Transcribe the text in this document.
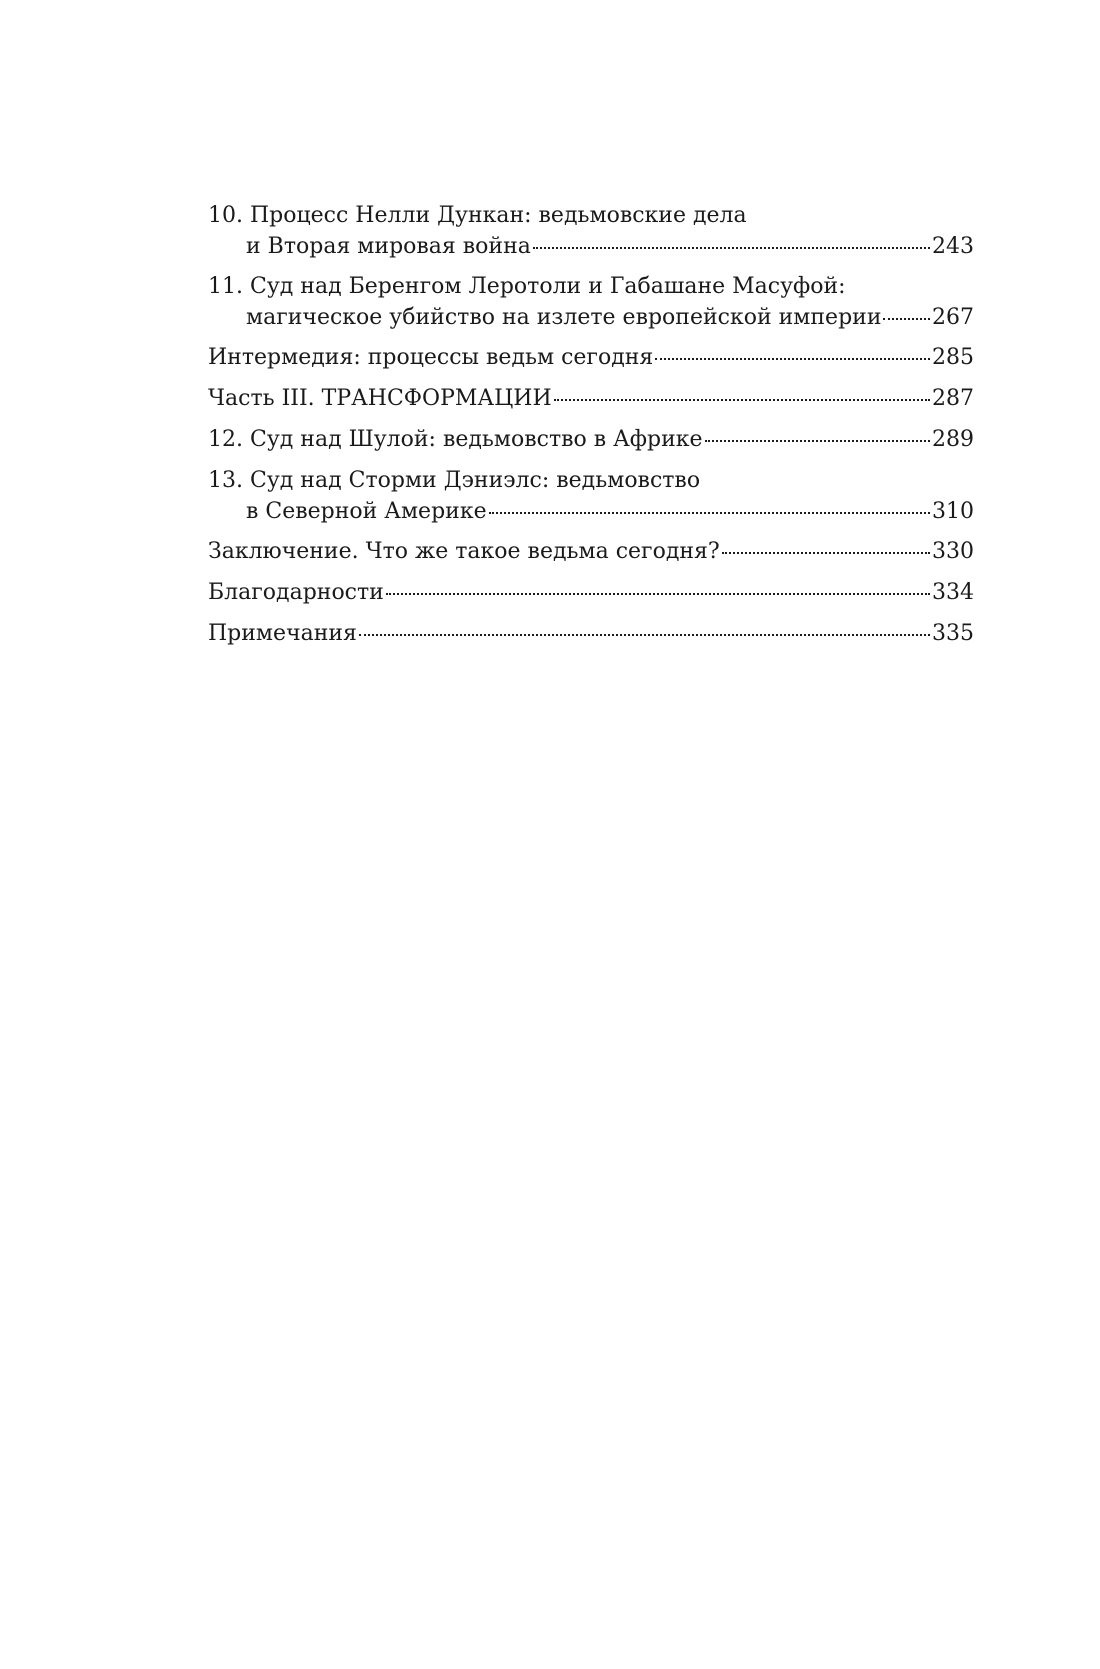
10. Процесс Нелли Дункан: ведьмовские дела
и Вторая мировая война	243
11. Суд над Беренгом Леротоли и Габашане Масуфой:
магическое убийство на излете европейской империи 267
Интермедия: процессы ведьм сегодня	285
Часть III. ТРАНСФОРМАЦИИ	287
12. Суд над Шулой: ведьмовство в Африке	289
13. Суд над Сторми Дэниэлс: ведьмовство
в Северной Америке	310
Заключение. Что же такое ведьма сегодня?	330
Благодарности	334
Примечания	335
